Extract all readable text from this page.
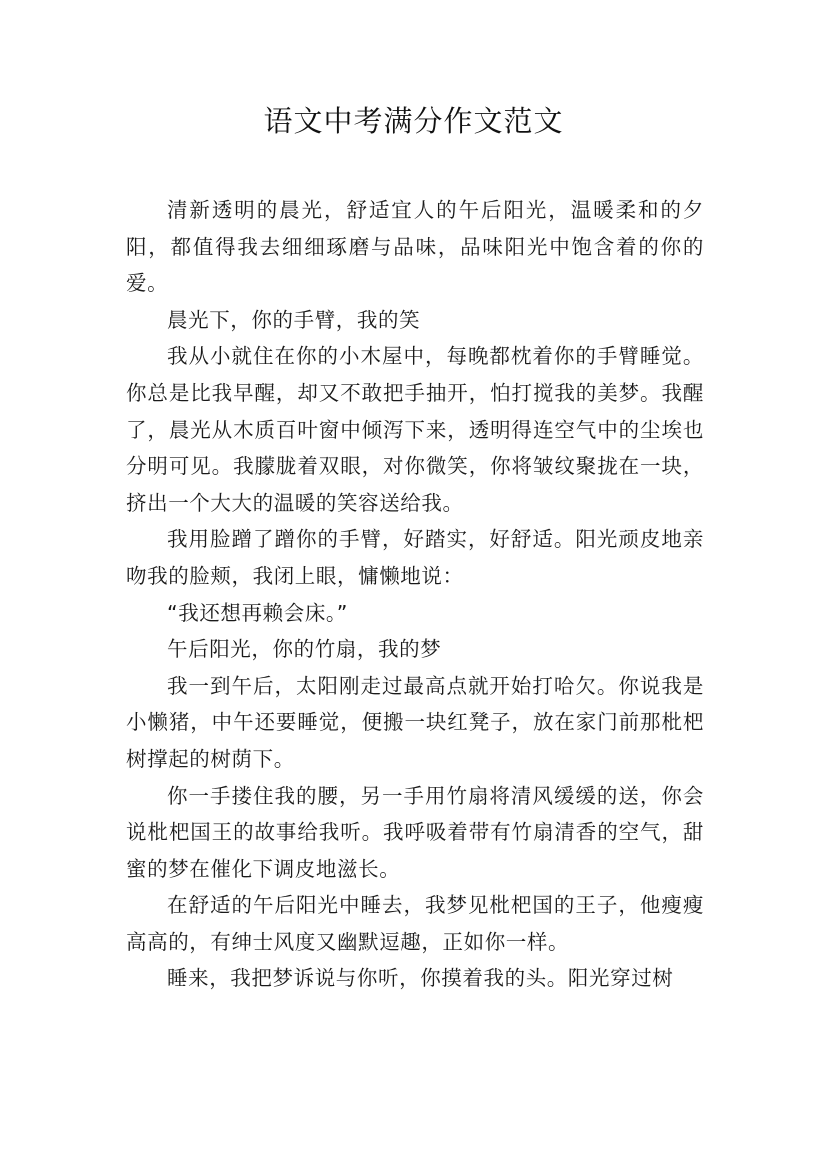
语文中考满分作文范文

清新透明的晨光，舒适宜人的午后阳光，温暖柔和的夕阳，都值得我去细细琢磨与品味，品味阳光中饱含着的你的爱。

晨光下，你的手臂，我的笑

我从小就住在你的小木屋中，每晚都枕着你的手臂睡觉。你总是比我早醒，却又不敢把手抽开，怕打搅我的美梦。我醒了，晨光从木质百叶窗中倾泻下来，透明得连空气中的尘埃也分明可见。我朦胧着双眼，对你微笑，你将皱纹聚拢在一块，挤出一个大大的温暖的笑容送给我。

我用脸蹭了蹭你的手臂，好踏实，好舒适。阳光顽皮地亲吻我的脸颊，我闭上眼，慵懒地说：

“我还想再赖会床。”

午后阳光，你的竹扇，我的梦

我一到午后，太阳刚走过最高点就开始打哈欠。你说我是小懒猪，中午还要睡觉，便搬一块红凳子，放在家门前那枇杷树撑起的树荫下。

你一手搂住我的腰，另一手用竹扇将清风缓缓的送，你会说枇杷国王的故事给我听。我呼吸着带有竹扇清香的空气，甜蜜的梦在催化下调皮地滋长。

在舒适的午后阳光中睡去，我梦见枇杷国的王子，他瘦瘦高高的，有绅士风度又幽默逗趣，正如你一样。

睡来，我把梦诉说与你听，你摸着我的头。阳光穿过树
